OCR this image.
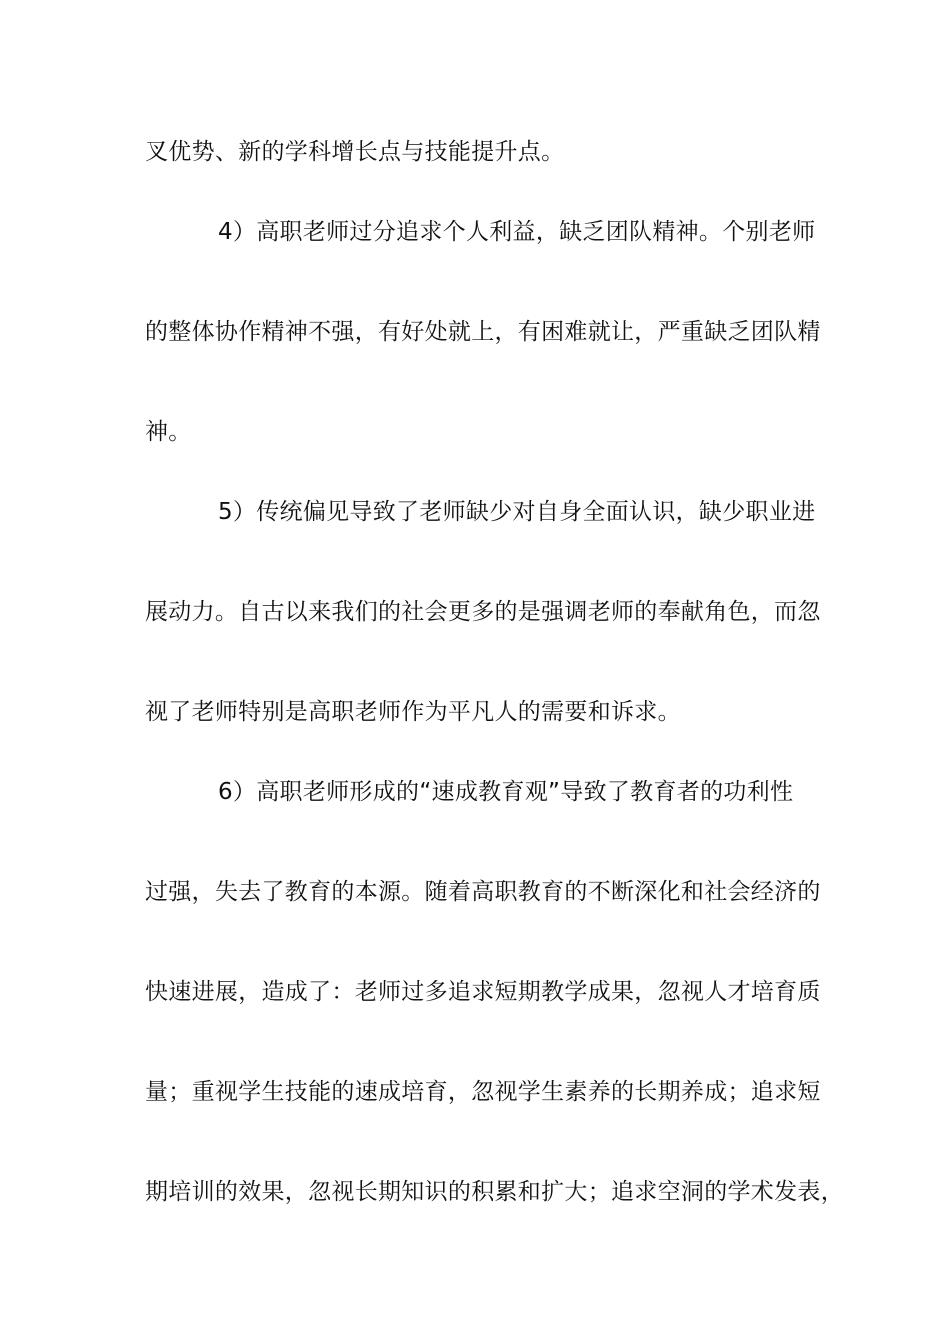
叉优势、新的学科增长点与技能提升点。
4）高职老师过分追求个人利益，缺乏团队精神。个别老师
的整体协作精神不强，有好处就上，有困难就让，严重缺乏团队精
神。
5）传统偏见导致了老师缺少对自身全面认识，缺少职业进
展动力。自古以来我们的社会更多的是强调老师的奉献角色，而忽
视了老师特别是高职老师作为平凡人的需要和诉求。
6）高职老师形成的“速成教育观”导致了教育者的功利性
过强，失去了教育的本源。随着高职教育的不断深化和社会经济的
快速进展，造成了：老师过多追求短期教学成果，忽视人才培育质
量；重视学生技能的速成培育，忽视学生素养的长期养成；追求短
期培训的效果，忽视长期知识的积累和扩大；追求空洞的学术发表，
